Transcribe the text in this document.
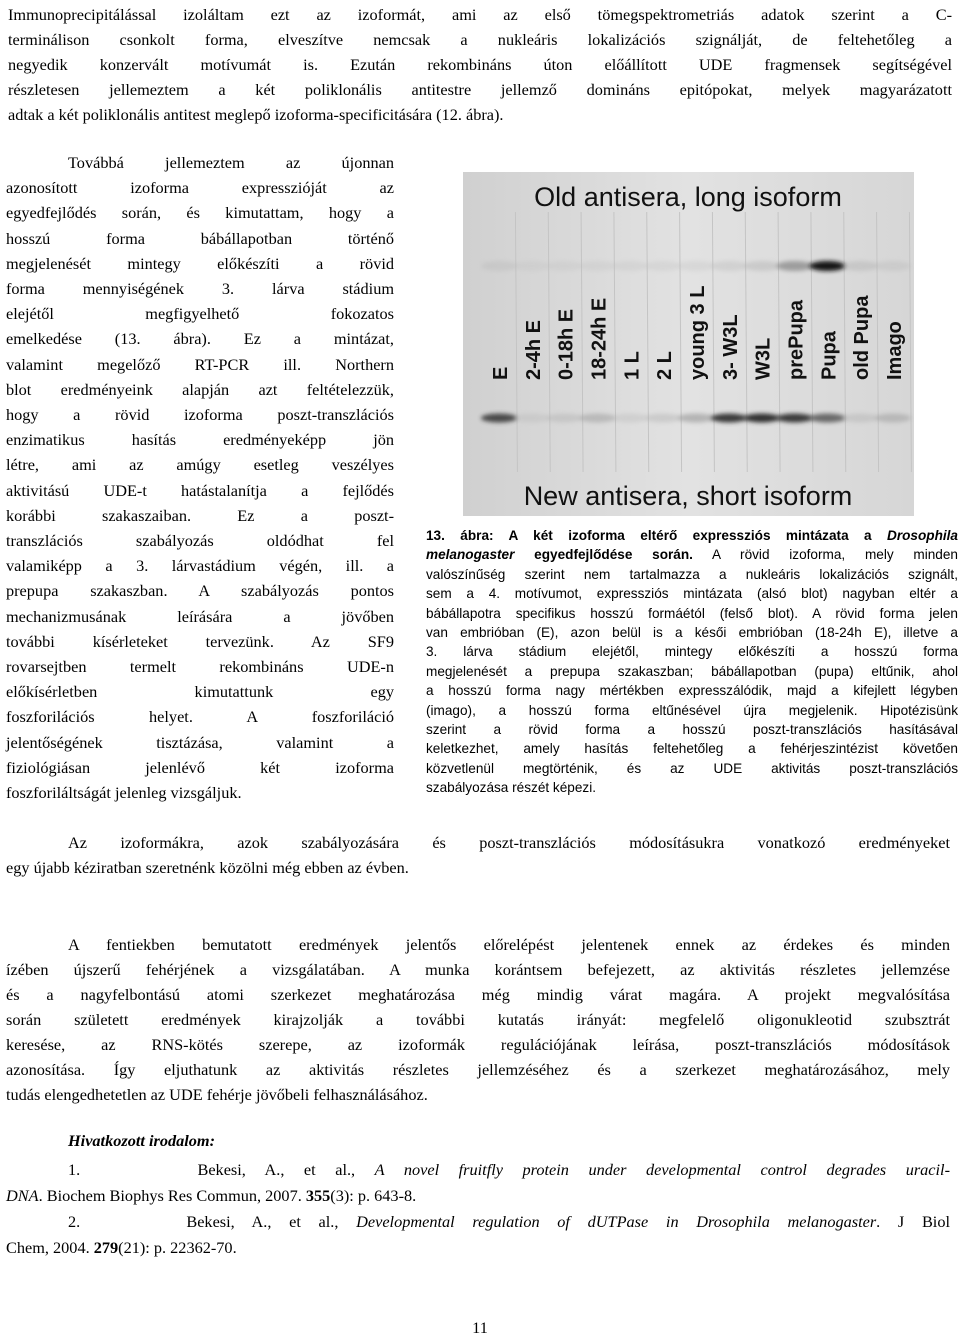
Immunoprecipitálással izoláltam ezt az izoformát, ami az első tömegspektrometriás adatok szerint a C-
terminálison csonkolt forma, elveszítve nemcsak a nukleáris lokalizációs szignálját, de feltehetőleg a
negyedik konzervált motívumát is. Ezután rekombináns úton előállított UDE fragmensek segítségével
részletesen jellemeztem a két poliklonális antitestre jellemző domináns epitópokat, melyek magyarázatott
adtak a két poliklonális antitest meglepő izoforma-specificitására (12. ábra).
Továbbá jellemeztem az újonnan
azonosított izoforma expresszióját az
egyedfejlődés során, és kimutattam, hogy a
hosszú forma bábállapotban történő
megjelenését mintegy előkészíti a rövid
forma mennyiségének 3. lárva stádium
elejétől megfigyelhető fokozatos
emelkedése (13. ábra). Ez a mintázat,
valamint megelőző RT-PCR ill. Northern
blot eredményeink alapján azt feltételezzük,
hogy a rövid izoforma poszt-transzlációs
enzimatikus hasítás eredményeképp jön
létre, ami az amúgy esetleg veszélyes
aktivitású UDE-t hatástalanítja a fejlődés
korábbi szakaszaiban. Ez a poszt-
transzlációs szabályozás oldódhat fel
valamiképp a 3. lárvastádium végén, ill. a
prepupa szakaszban. A szabályozás pontos
mechanizmusának leírására a jövőben
további kísérleteket tervezünk. Az SF9
rovarsejtben termelt rekombináns UDE-n
előkísérletben kimutattunk egy
foszforilációs helyet. A foszforiláció
jelentőségének tisztázása, valamint a
fiziológiásan jelenlévő két izoforma
foszforiláltságát jelenleg vizsgáljuk.
Old antisera, long isoform
E 2-4h E 0-18h E 18-24h E 1 L 2 L young 3 L 3- W3L W3L prePupa Pupa old Pupa Imago
New antisera, short isoform
13. ábra: A két izoforma eltérő expressziós mintázata a Drosophila
melanogaster egyedfejlődése során. A rövid izoforma, mely minden
valószínűség szerint nem tartalmazza a nukleáris lokalizációs szignált,
sem a 4. motívumot, expressziós mintázata (alsó blot) nagyban eltér a
bábállapotra specifikus hosszú formáétól (felső blot). A rövid forma jelen
van embrióban (E), azon belül is a késői embrióban (18-24h E), illetve a
3. lárva stádium elejétől, mintegy előkészíti a hosszú forma
megjelenését a prepupa szakaszban; bábállapotban (pupa) eltűnik, ahol
a hosszú forma nagy mértékben expresszálódik, majd a kifejlett légyben
(imago), a hosszú forma eltűnésével újra megjelenik. Hipotézisünk
szerint a rövid forma a hosszú poszt-transzlációs hasításával
keletkezhet, amely hasítás feltehetőleg a fehérjeszintézist követően
közvetlenül megtörténik, és az UDE aktivitás poszt-transzlációs
szabályozása részét képezi.
Az izoformákra, azok szabályozására és poszt-transzlációs módosításukra vonatkozó eredményeket
egy újabb kéziratban szeretnénk közölni még ebben az évben.
A fentiekben bemutatott eredmények jelentős előrelépést jelentenek ennek az érdekes és minden
ízében újszerű fehérjének a vizsgálatában. A munka korántsem befejezett, az aktivitás részletes jellemzése
és a nagyfelbontású atomi szerkezet meghatározása még mindig várat magára. A projekt megvalósítása
során született eredmények kirajzolják a további kutatás irányát: megfelelő oligonukleotid szubsztrát
keresése, az RNS-kötés szerepe, az izoformák regulációjának leírása, poszt-transzlációs módosítások
azonosítása. Így eljuthatunk az aktivitás részletes jellemzéséhez és a szerkezet meghatározásához, mely
tudás elengedhetetlen az UDE fehérje jövőbeli felhasználásához.
Hivatkozott irodalom:
1.	Bekesi, A., et al., A novel fruitfly protein under developmental control degrades uracil-
DNA. Biochem Biophys Res Commun, 2007. 355(3): p. 643-8.
2.	Bekesi, A., et al., Developmental regulation of dUTPase in Drosophila melanogaster. J Biol
Chem, 2004. 279(21): p. 22362-70.
11
